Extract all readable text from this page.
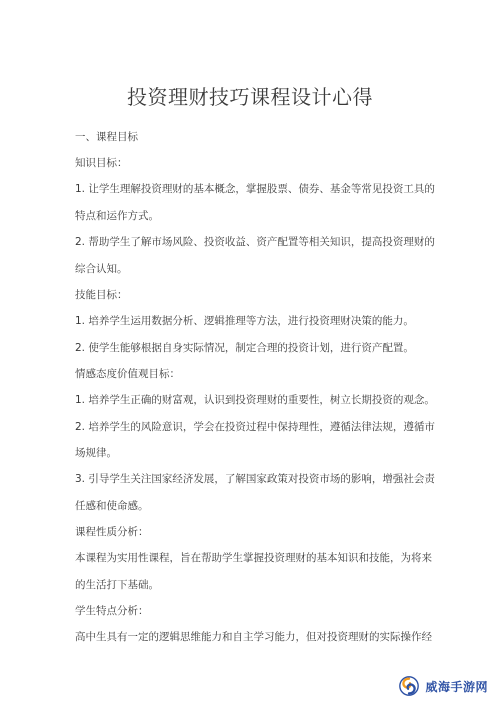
投资理财技巧课程设计心得
一、课程目标
知识目标：
1. 让学生理解投资理财的基本概念，掌握股票、债券、基金等常见投资工具的
特点和运作方式。
2. 帮助学生了解市场风险、投资收益、资产配置等相关知识，提高投资理财的
综合认知。
技能目标：
1. 培养学生运用数据分析、逻辑推理等方法，进行投资理财决策的能力。
2. 使学生能够根据自身实际情况，制定合理的投资计划，进行资产配置。
情感态度价值观目标：
1. 培养学生正确的财富观，认识到投资理财的重要性，树立长期投资的观念。
2. 培养学生的风险意识，学会在投资过程中保持理性，遵循法律法规，遵循市
场规律。
3. 引导学生关注国家经济发展，了解国家政策对投资市场的影响，增强社会责
任感和使命感。
课程性质分析：
本课程为实用性课程，旨在帮助学生掌握投资理财的基本知识和技能，为将来
的生活打下基础。
学生特点分析：
高中生具有一定的逻辑思维能力和自主学习能力，但对投资理财的实际操作经
威海手游网
